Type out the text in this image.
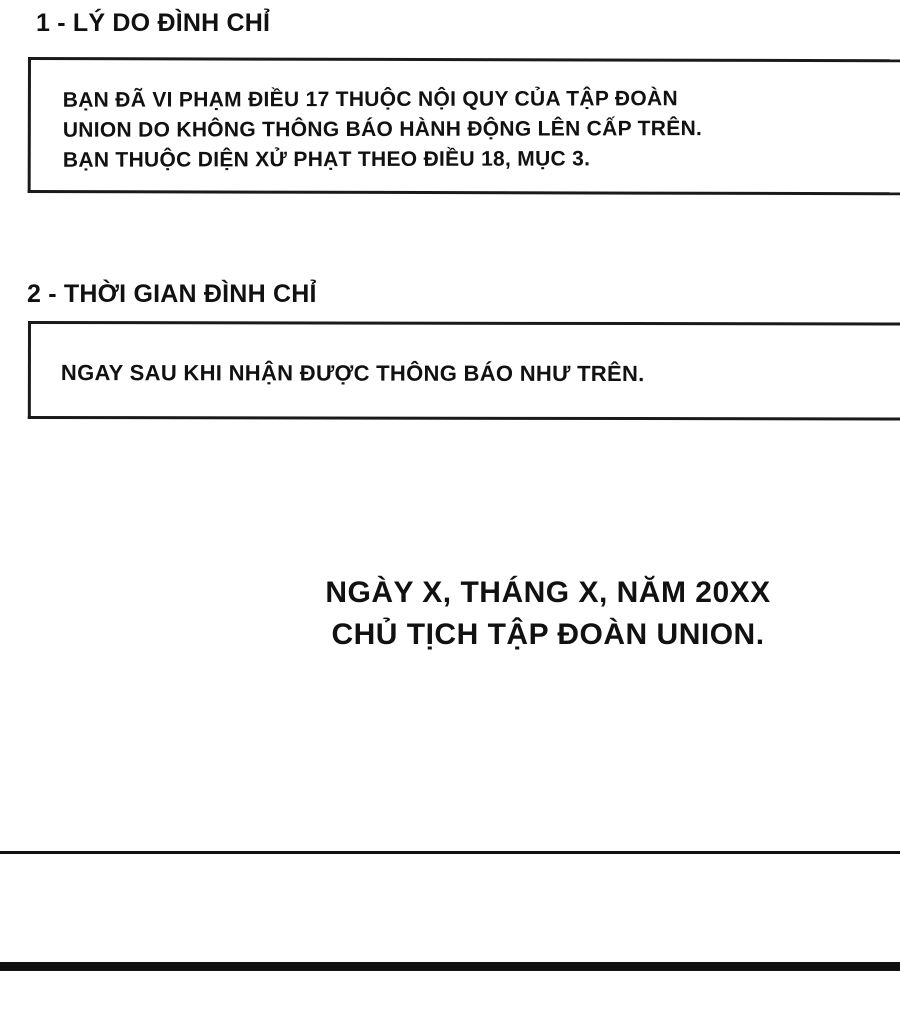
1 - LÝ DO ĐÌNH CHỈ
BẠN ĐÃ VI PHẠM ĐIỀU 17 THUỘC NỘI QUY CỦA TẬP ĐOÀN
UNION DO KHÔNG THÔNG BÁO HÀNH ĐỘNG LÊN CẤP TRÊN.
BẠN THUỘC DIỆN XỬ PHẠT THEO ĐIỀU 18, MỤC 3.
2 - THỜI GIAN ĐÌNH CHỈ
NGAY SAU KHI NHẬN ĐƯỢC THÔNG BÁO NHƯ TRÊN.
NGÀY X, THÁNG X, NĂM 20XX
CHỦ TỊCH TẬP ĐOÀN UNION.
